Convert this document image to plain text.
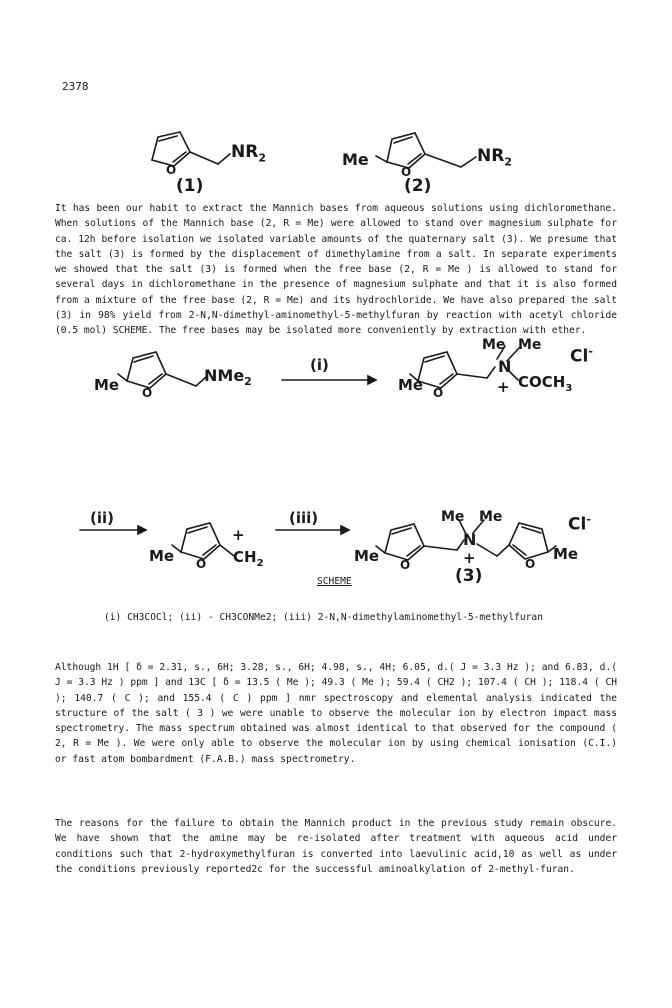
2378
O
$NR_2$
(1)
Me
O
$NR_2$
(2)

It has been our habit to extract the Mannich bases from aqueous solutions using dichloromethane. When solutions of the Mannich base (2, R = Me) were allowed to stand over magnesium sulphate for ca. 12h before isolation we isolated variable amounts of the quaternary salt (3). We presume that the salt (3) is formed by the displacement of dimethylamine from a salt. In separate experiments we showed that the salt (3) is formed when the free base (2, R = Me ) is allowed to stand for several days in dichloromethane in the presence of magnesium sulphate and that it is also formed from a mixture of the free base (2, R = Me) and its hydrochloride. We have also prepared the salt (3) in 98% yield from 2-N,N-dimethyl-aminomethyl-5-methylfuran by reaction with acetyl chloride (0.5 mol) SCHEME. The free bases may be isolated more conveniently by extraction with ether.

Me O
NMe$_2$
(i)
Me O
Me Me
N
+ $COCH_3$
Cl-
(ii)
Me O
+
$CH_2$
(iii)
Me O
Me Me
N
+	O
Me
Cl-
SCHEME	(3)
(i) CH3COCl; (ii) - CH3CONMe2; (iii) 2-N,N-dimethylaminomethyl-5-methylfuran

Although 1H [ δ = 2.31, s., 6H; 3.28, s., 6H; 4.98, s., 4H; 6.05, d.( J = 3.3 Hz ); and 6.83, d.( J = 3.3 Hz ) ppm ] and 13C [ δ = 13.5 ( Me ); 49.3 ( Me ); 59.4 ( CH2 ); 107.4 ( CH ); 118.4 ( CH ); 140.7 ( C ); and 155.4 ( C ) ppm ] nmr spectroscopy and elemental analysis indicated the structure of the salt ( 3 ) we were unable to observe the molecular ion by electron impact mass spectrometry. The mass spectrum obtained was almost identical to that observed for the compound ( 2, R = Me ). We were only able to observe the molecular ion by using chemical ionisation (C.I.) or fast atom bombardment (F.A.B.) mass spectrometry.

The reasons for the failure to obtain the Mannich product in the previous study remain obscure. We have shown that the amine may be re-isolated after treatment with aqueous acid under conditions such that 2-hydroxymethylfuran is converted into laevulinic acid,10 as well as under the conditions previously reported2c for the successful aminoalkylation of 2-methyl-furan.
